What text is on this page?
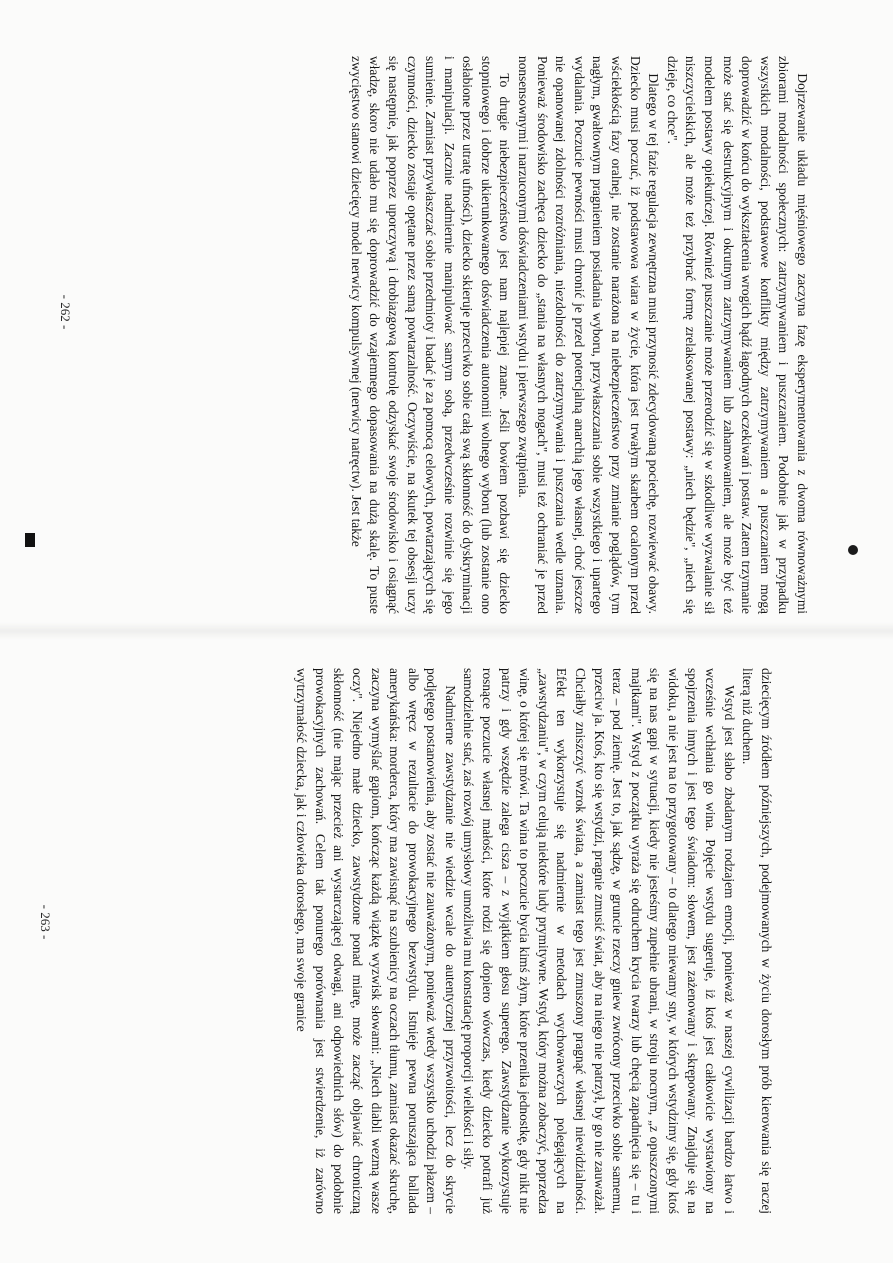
Dojrzewanie układu mięśniowego zaczyna fazę eksperymentowania z dwoma równoważnymi zbiorami modalności społecznych: zatrzymywaniem i puszczaniem. Podobnie jak w przypadku wszystkich modalności, podstawowe konflikty między zatrzymywaniem a puszczaniem mogą doprowadzić w końcu do wykształcenia wrogich bądź łagodnych oczekiwań i postaw. Zatem trzymanie może stać się destrukcyjnym i okrutnym zatrzymywaniem lub zahamowaniem, ale może być też modelem postawy opiekuńczej. Również puszczanie może przerodzić się w szkodliwe wyzwalanie sił niszczycielskich, ale może też przybrać formę zrelaksowanej postawy: „niech będzie", „niech się dzieje, co chce".

Dlatego w tej fazie regulacja zewnętrzna musi przynosić zdecydowaną pociechę, rozwiewać obawy. Dziecko musi poczuć, iż podstawowa wiara w życie, która jest trwałym skarbem ocalonym przed wściekłością fazy oralnej, nie zostanie narażona na niebezpieczeństwo przy zmianie poglądów, tym nagłym, gwałtownym pragnieniem posiadania wyboru, przywłaszczania sobie wszystkiego i upartego wydalania. Poczucie pewności musi chronić je przed potencjalną anarchią jego własnej, choć jeszcze nie opanowanej zdolności rozróżniania, niezdolności do zatrzymywania i puszczania wedle uznania. Ponieważ środowisko zachęca dziecko do „stania na własnych nogach", musi też ochraniać je przed nonsensownymi i narzuconymi doświadczeniami wstydu i pierwszego zwątpienia.

To drugie niebezpieczeństwo jest nam najlepiej znane. Jeśli bowiem pozbawi się dziecko stopniowego i dobrze ukierunkowanego doświadczenia autonomii wolnego wyboru (lub zostanie ono osłabione przez utratę ufności), dziecko skieruje przeciwko sobie całą swą skłonność do dyskryminacji i manipulacji. Zacznie nadmiernie manipulować samym sobą, przedwcześnie rozwinie się jego sumienie. Zamiast przywłaszczać sobie przedmioty i badać je za pomocą celowych, powtarzających się czynności, dziecko zostaje opętane przez samą powtarzalność. Oczywiście, na skutek tej obsesji uczy się następnie, jak poprzez uporczywą i drobiazgową kontrolę odzyskać swoje środowisko i osiągnąć władzę, skoro nie udało mu się doprowadzić do wzajemnego dopasowania na dużą skalę. To puste zwycięstwo stanowi dziecięcy model nerwicy kompulsywnej (nerwicy natręctw). Jest także

- 262 -

dziecięcym źródłem późniejszych, podejmowanych w życiu dorosłym prób kierowania się raczej literą niż duchem.

Wstyd jest słabo zbadanym rodzajem emocji, ponieważ w naszej cywilizacji bardzo łatwo i wcześnie wchłania go wina. Pojęcie wstydu sugeruje, iż ktoś jest całkowicie wystawiony na spojrzenia innych i jest tego świadom: słowem, jest zażenowany i skrępowany. Znajduje się na widoku, a nie jest na to przygotowany – to dlatego miewamy sny, w których wstydzimy się, gdy ktoś się na nas gapi w sytuacji, kiedy nie jesteśmy zupełnie ubrani, w stroju nocnym, „z opuszczonymi majtkami". Wstyd z początku wyraża się odruchem krycia twarzy lub chęcią zapadnięcia się – tu i teraz – pod ziemię. Jest to, jak sądzę, w gruncie rzeczy gniew zwrócony przeciwko sobie samemu, przeciw ja. Ktoś, kto się wstydzi, pragnie zmusić świat, aby na niego nie patrzył, by go nie zauważał. Chciałby zniszczyć wzrok świata, a zamiast tego jest zmuszony pragnąć własnej niewidzialności. Efekt ten wykorzystuje się nadmiernie w metodach wychowawczych polegających na „zawstydzaniu", w czym celują niektóre ludy prymitywne. Wstyd, który można zobaczyć, poprzedza winę, o której się mówi. Ta wina to poczucie bycia kimś złym, które przenika jednostkę, gdy nikt nie patrzy i gdy wszędzie zalega cisza – z wyjątkiem głosu superego. Zawstydzanie wykorzystuje rosnące poczucie własnej małości, które rodzi się dopiero wówczas, kiedy dziecko potrafi już samodzielnie stać, zaś rozwój umysłowy umożliwia mu konstatację proporcji wielkości i siły.

Nadmierne zawstydzanie nie wiedzie wcale do autentycznej przyzwoitości, lecz do skrycie podjętego postanowienia, aby zostać nie zauważonym, ponieważ wtedy wszystko uchodzi płazem – albo wręcz w rezultacie do prowokacyjnego bezwstydu. Istnieje pewna poruszająca ballada amerykańska: morderca, który ma zawisnąć na szubienicy na oczach tłumu, zamiast okazać skruchę, zaczyna wymyślać gapiom, kończąc każdą wiązkę wyzwisk słowami: „Niech diabli wezmą wasze oczy". Niejedno małe dziecko, zawstydzone ponad miarę, może zacząć objawiać chroniczną skłonność (nie mając przecież ani wystarczającej odwagi, ani odpowiednich słów) do podobnie prowokacyjnych zachowań. Celem tak ponurego porównania jest stwierdzenie, iż zarówno wytrzymałość dziecka, jak i człowieka dorosłego, ma swoje granice

- 263 -
